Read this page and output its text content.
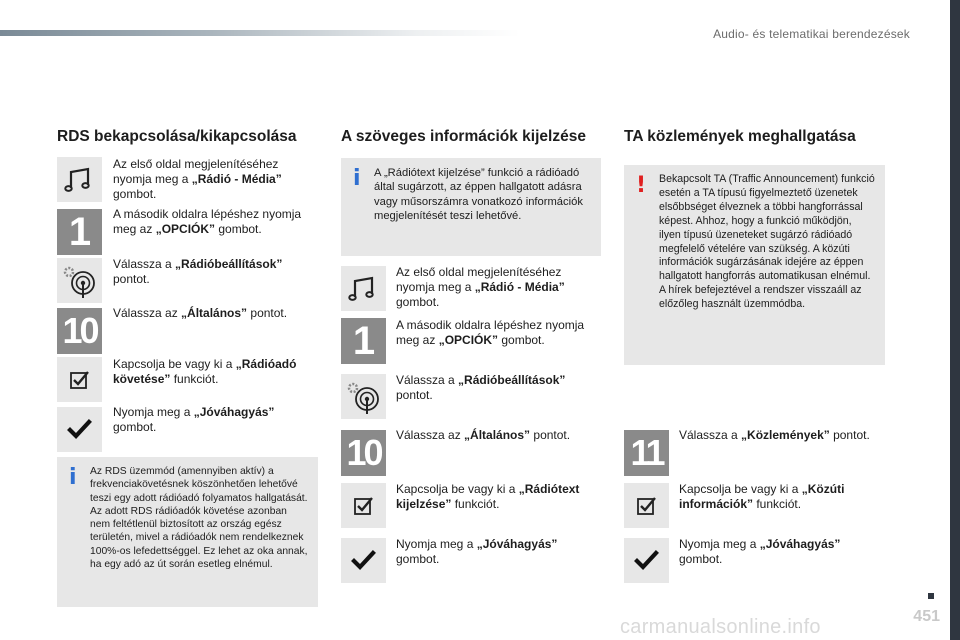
Audio- és telematikai berendezések
RDS bekapcsolása/kikapcsolása
Az első oldal megjelenítéséhez nyomja meg a „Rádió - Média” gombot.
1	A második oldalra lépéshez nyomja meg az „OPCIÓK” gombot.
Válassza a „Rádióbeállítások” pontot.
10	Válassza az „Általános” pontot.
Kapcsolja be vagy ki a „Rádióadó követése” funkciót.
Nyomja meg a „Jóváhagyás” gombot.
i Az RDS üzemmód (amennyiben aktív) a frekvenciakövetésnek köszönhetően lehetővé teszi egy adott rádióadó folyamatos hallgatását. Az adott RDS rádióadók követése azonban nem feltétlenül biztosított az ország egész területén, mivel a rádióadók nem rendelkeznek 100%-os lefedettséggel. Ez lehet az oka annak, ha egy adó az út során esetleg elnémul.
A szöveges információk kijelzése
i A „Rádiótext kijelzése” funkció a rádióadó által sugárzott, az éppen hallgatott adásra vagy műsorszámra vonatkozó információk megjelenítését teszi lehetővé.
Az első oldal megjelenítéséhez nyomja meg a „Rádió - Média” gombot.
1	A második oldalra lépéshez nyomja meg az „OPCIÓK” gombot.
Válassza a „Rádióbeállítások” pontot.
10	Válassza az „Általános” pontot.
Kapcsolja be vagy ki a „Rádiótext kijelzése” funkciót.
Nyomja meg a „Jóváhagyás” gombot.
TA közlemények meghallgatása
! Bekapcsolt TA (Traffic Announcement) funkció esetén a TA típusú figyelmeztető üzenetek elsőbbséget élveznek a többi hangforrással képest. Ahhoz, hogy a funkció működjön, ilyen típusú üzeneteket sugárzó rádióadó megfelelő vételére van szükség. A közúti információk sugárzásának idejére az éppen hallgatott hangforrás automatikusan elnémul. A hírek befejeztével a rendszer visszaáll az előzőleg használt üzemmódba.
11	Válassza a „Közlemények” pontot.
Kapcsolja be vagy ki a „Közúti információk” funkciót.
Nyomja meg a „Jóváhagyás” gombot.
451
carmanualsonline.info
